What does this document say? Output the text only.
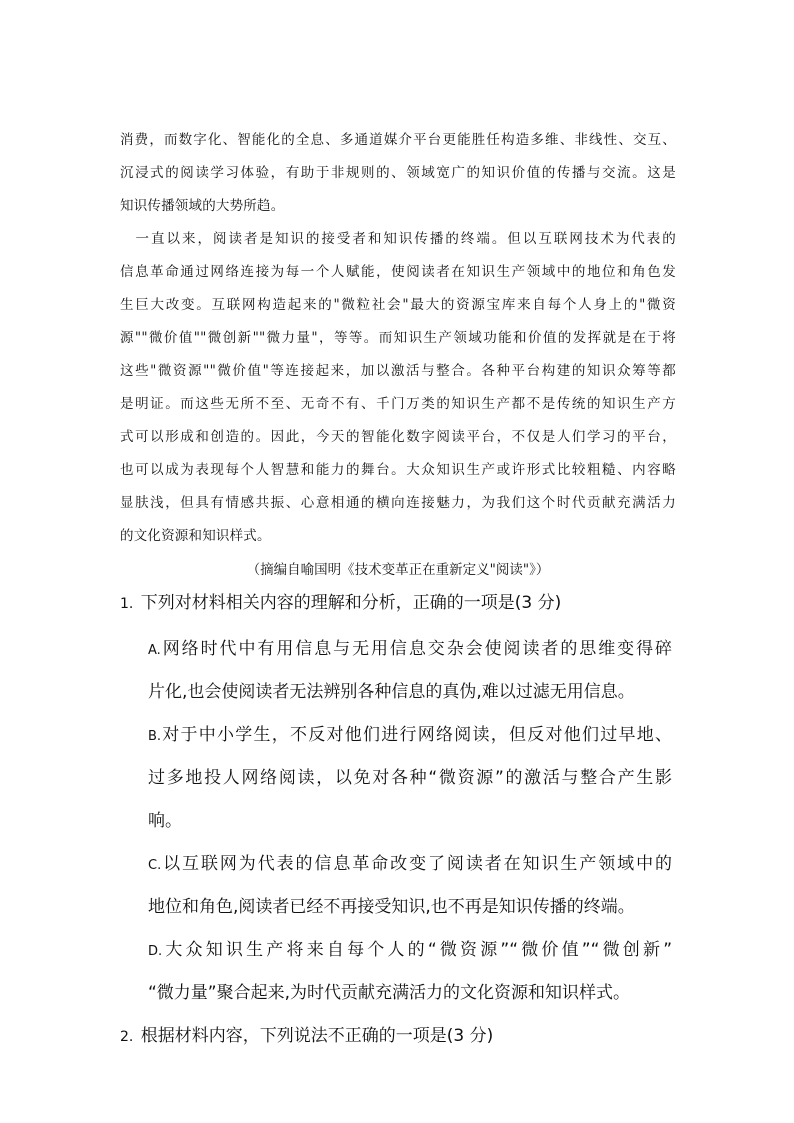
消费，而数字化、智能化的全息、多通道媒介平台更能胜任构造多维、非线性、交互、
沉浸式的阅读学习体验，有助于非规则的、领域宽广的知识价值的传播与交流。这是
知识传播领域的大势所趋。
　一直以来，阅读者是知识的接受者和知识传播的终端。但以互联网技术为代表的
信息革命通过网络连接为每一个人赋能，使阅读者在知识生产领域中的地位和角色发
生巨大改变。互联网构造起来的"微粒社会"最大的资源宝库来自每个人身上的"微资
源""微价值""微创新""微力量"，等等。而知识生产领域功能和价值的发挥就是在于将
这些"微资源""微价值"等连接起来，加以激活与整合。各种平台构建的知识众筹等都
是明证。而这些无所不至、无奇不有、千门万类的知识生产都不是传统的知识生产方
式可以形成和创造的。因此，今天的智能化数字阅读平台，不仅是人们学习的平台，
也可以成为表现每个人智慧和能力的舞台。大众知识生产或许形式比较粗糙、内容略
显肤浅，但具有情感共振、心意相通的横向连接魅力，为我们这个时代贡献充满活力
的文化资源和知识样式。
（摘编自喻国明《技术变革正在重新定义"阅读"》）
1. 下列对材料相关内容的理解和分析，正确的一项是(3 分)
A.网络时代中有用信息与无用信息交杂会使阅读者的思维变得碎
片化,也会使阅读者无法辨别各种信息的真伪,难以过滤无用信息。
B.对于中小学生，不反对他们进行网络阅读，但反对他们过早地、
过多地投人网络阅读，以免对各种“微资源”的激活与整合产生影
响。
C.以互联网为代表的信息革命改变了阅读者在知识生产领域中的
地位和角色,阅读者已经不再接受知识,也不再是知识传播的终端。
D.大众知识生产将来自每个人的“微资源”“微价值”“微创新”
“微力量”聚合起来,为时代贡献充满活力的文化资源和知识样式。
2. 根据材料内容，下列说法不正确的一项是(3 分)
